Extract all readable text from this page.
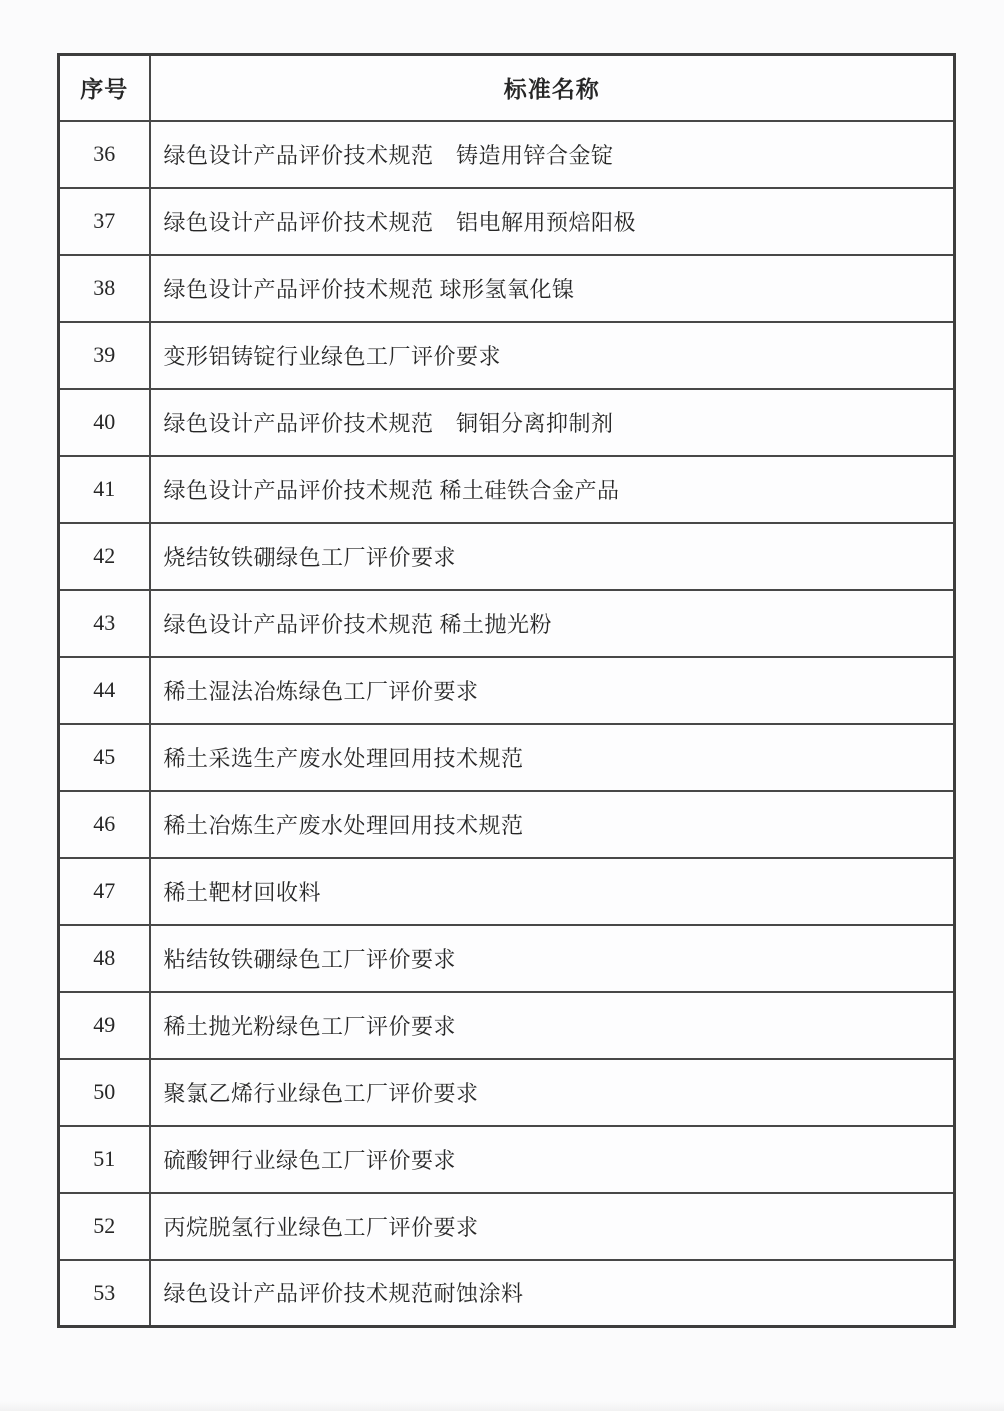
序号	标准名称
36	绿色设计产品评价技术规范　铸造用锌合金锭
37	绿色设计产品评价技术规范　铝电解用预焙阳极
38	绿色设计产品评价技术规范 球形氢氧化镍
39	变形铝铸锭行业绿色工厂评价要求
40	绿色设计产品评价技术规范　铜钼分离抑制剂
41	绿色设计产品评价技术规范 稀土硅铁合金产品
42	烧结钕铁硼绿色工厂评价要求
43	绿色设计产品评价技术规范 稀土抛光粉
44	稀土湿法冶炼绿色工厂评价要求
45	稀土采选生产废水处理回用技术规范
46	稀土冶炼生产废水处理回用技术规范
47	稀土靶材回收料
48	粘结钕铁硼绿色工厂评价要求
49	稀土抛光粉绿色工厂评价要求
50	聚氯乙烯行业绿色工厂评价要求
51	硫酸钾行业绿色工厂评价要求
52	丙烷脱氢行业绿色工厂评价要求
53	绿色设计产品评价技术规范耐蚀涂料
